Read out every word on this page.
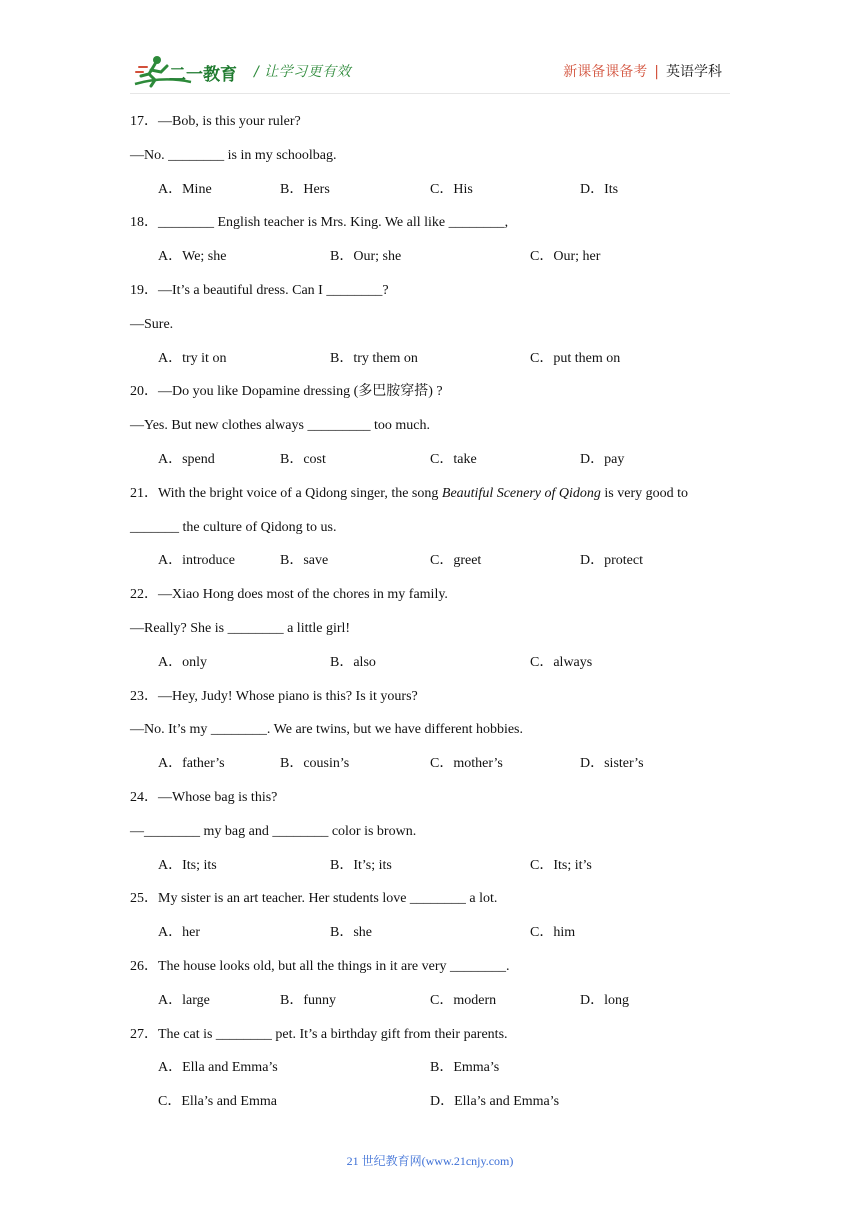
二一教育 / 让学习更有效	新课备课备考 | 英语学科
17．—Bob, is this your ruler?
—No. ________ is in my schoolbag.
A．Mine	B．Hers	C．His	D．Its
18．________ English teacher is Mrs. King. We all like ________,
A．We; she	B．Our; she	C．Our; her
19．—It’s a beautiful dress. Can I ________?
—Sure.
A．try it on	B．try them on	C．put them on
20．—Do you like Dopamine dressing (多巴胺穿搭) ?
—Yes. But new clothes always _________ too much.
A．spend	B．cost	C．take	D．pay
21．With the bright voice of a Qidong singer, the song Beautiful Scenery of Qidong is very good to
_______ the culture of Qidong to us.
A．introduce	B．save	C．greet	D．protect
22．—Xiao Hong does most of the chores in my family.
—Really? She is ________ a little girl!
A．only	B．also	C．always
23．—Hey, Judy! Whose piano is this? Is it yours?
—No. It’s my ________. We are twins, but we have different hobbies.
A．father’s	B．cousin’s	C．mother’s	D．sister’s
24．—Whose bag is this?
—________ my bag and ________ color is brown.
A．Its; its	B．It’s; its	C．Its; it’s
25．My sister is an art teacher. Her students love ________ a lot.
A．her	B．she	C．him
26．The house looks old, but all the things in it are very ________.
A．large	B．funny	C．modern	D．long
27．The cat is ________ pet. It’s a birthday gift from their parents.
A．Ella and Emma’s	B．Emma’s
C．Ella’s and Emma	D．Ella’s and Emma’s
21 世纪教育网(www.21cnjy.com)
